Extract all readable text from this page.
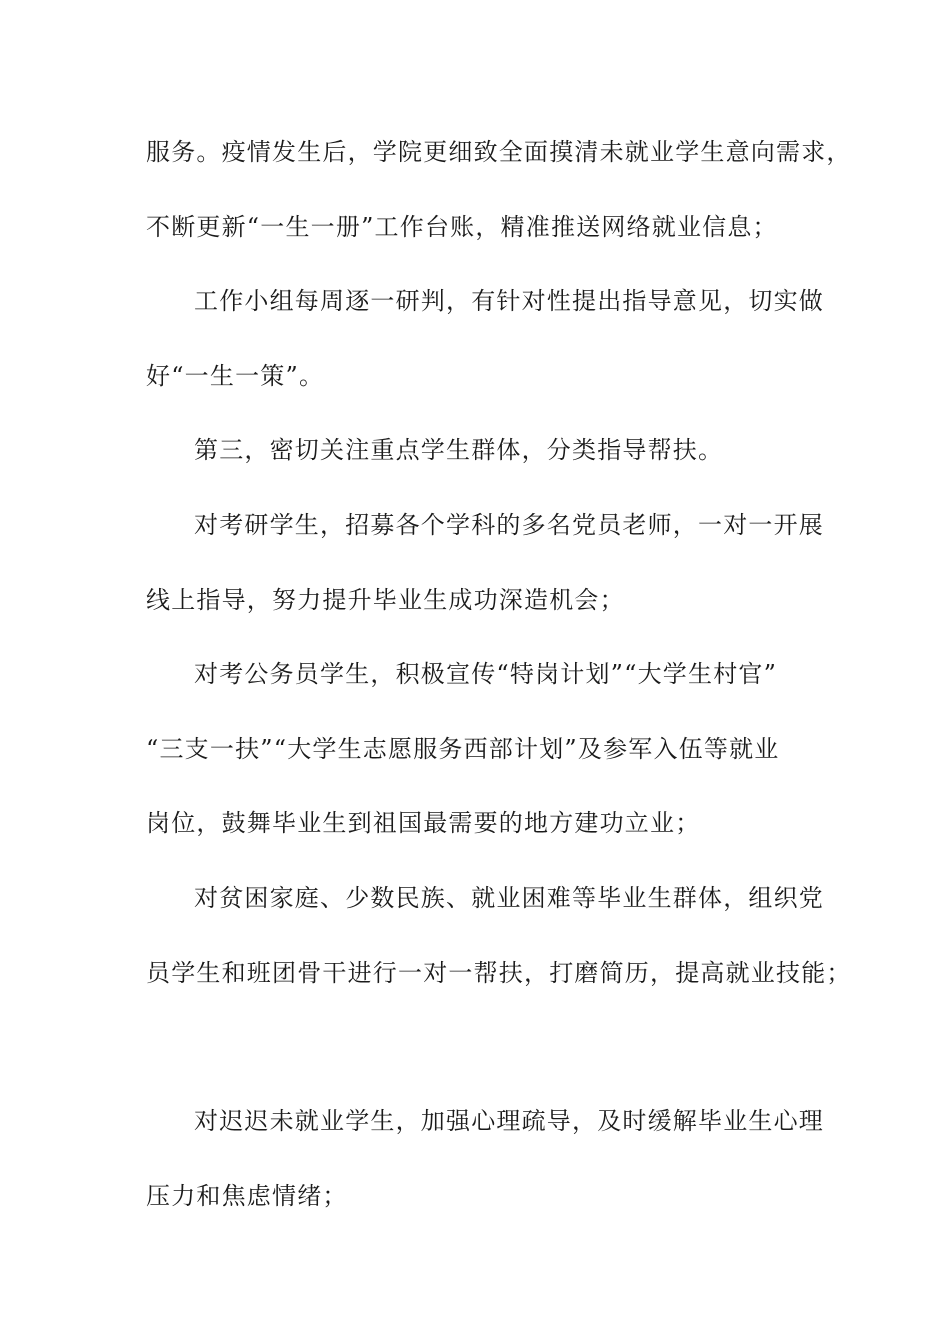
服务。疫情发生后，学院更细致全面摸清未就业学生意向需求，
不断更新“一生一册”工作台账，精准推送网络就业信息；
工作小组每周逐一研判，有针对性提出指导意见，切实做
好“一生一策”。
第三，密切关注重点学生群体，分类指导帮扶。
对考研学生，招募各个学科的多名党员老师，一对一开展
线上指导，努力提升毕业生成功深造机会；
对考公务员学生，积极宣传“特岗计划”“大学生村官”
“三支一扶”“大学生志愿服务西部计划”及参军入伍等就业
岗位，鼓舞毕业生到祖国最需要的地方建功立业；
对贫困家庭、少数民族、就业困难等毕业生群体，组织党
员学生和班团骨干进行一对一帮扶，打磨简历，提高就业技能；
对迟迟未就业学生，加强心理疏导，及时缓解毕业生心理
压力和焦虑情绪；
